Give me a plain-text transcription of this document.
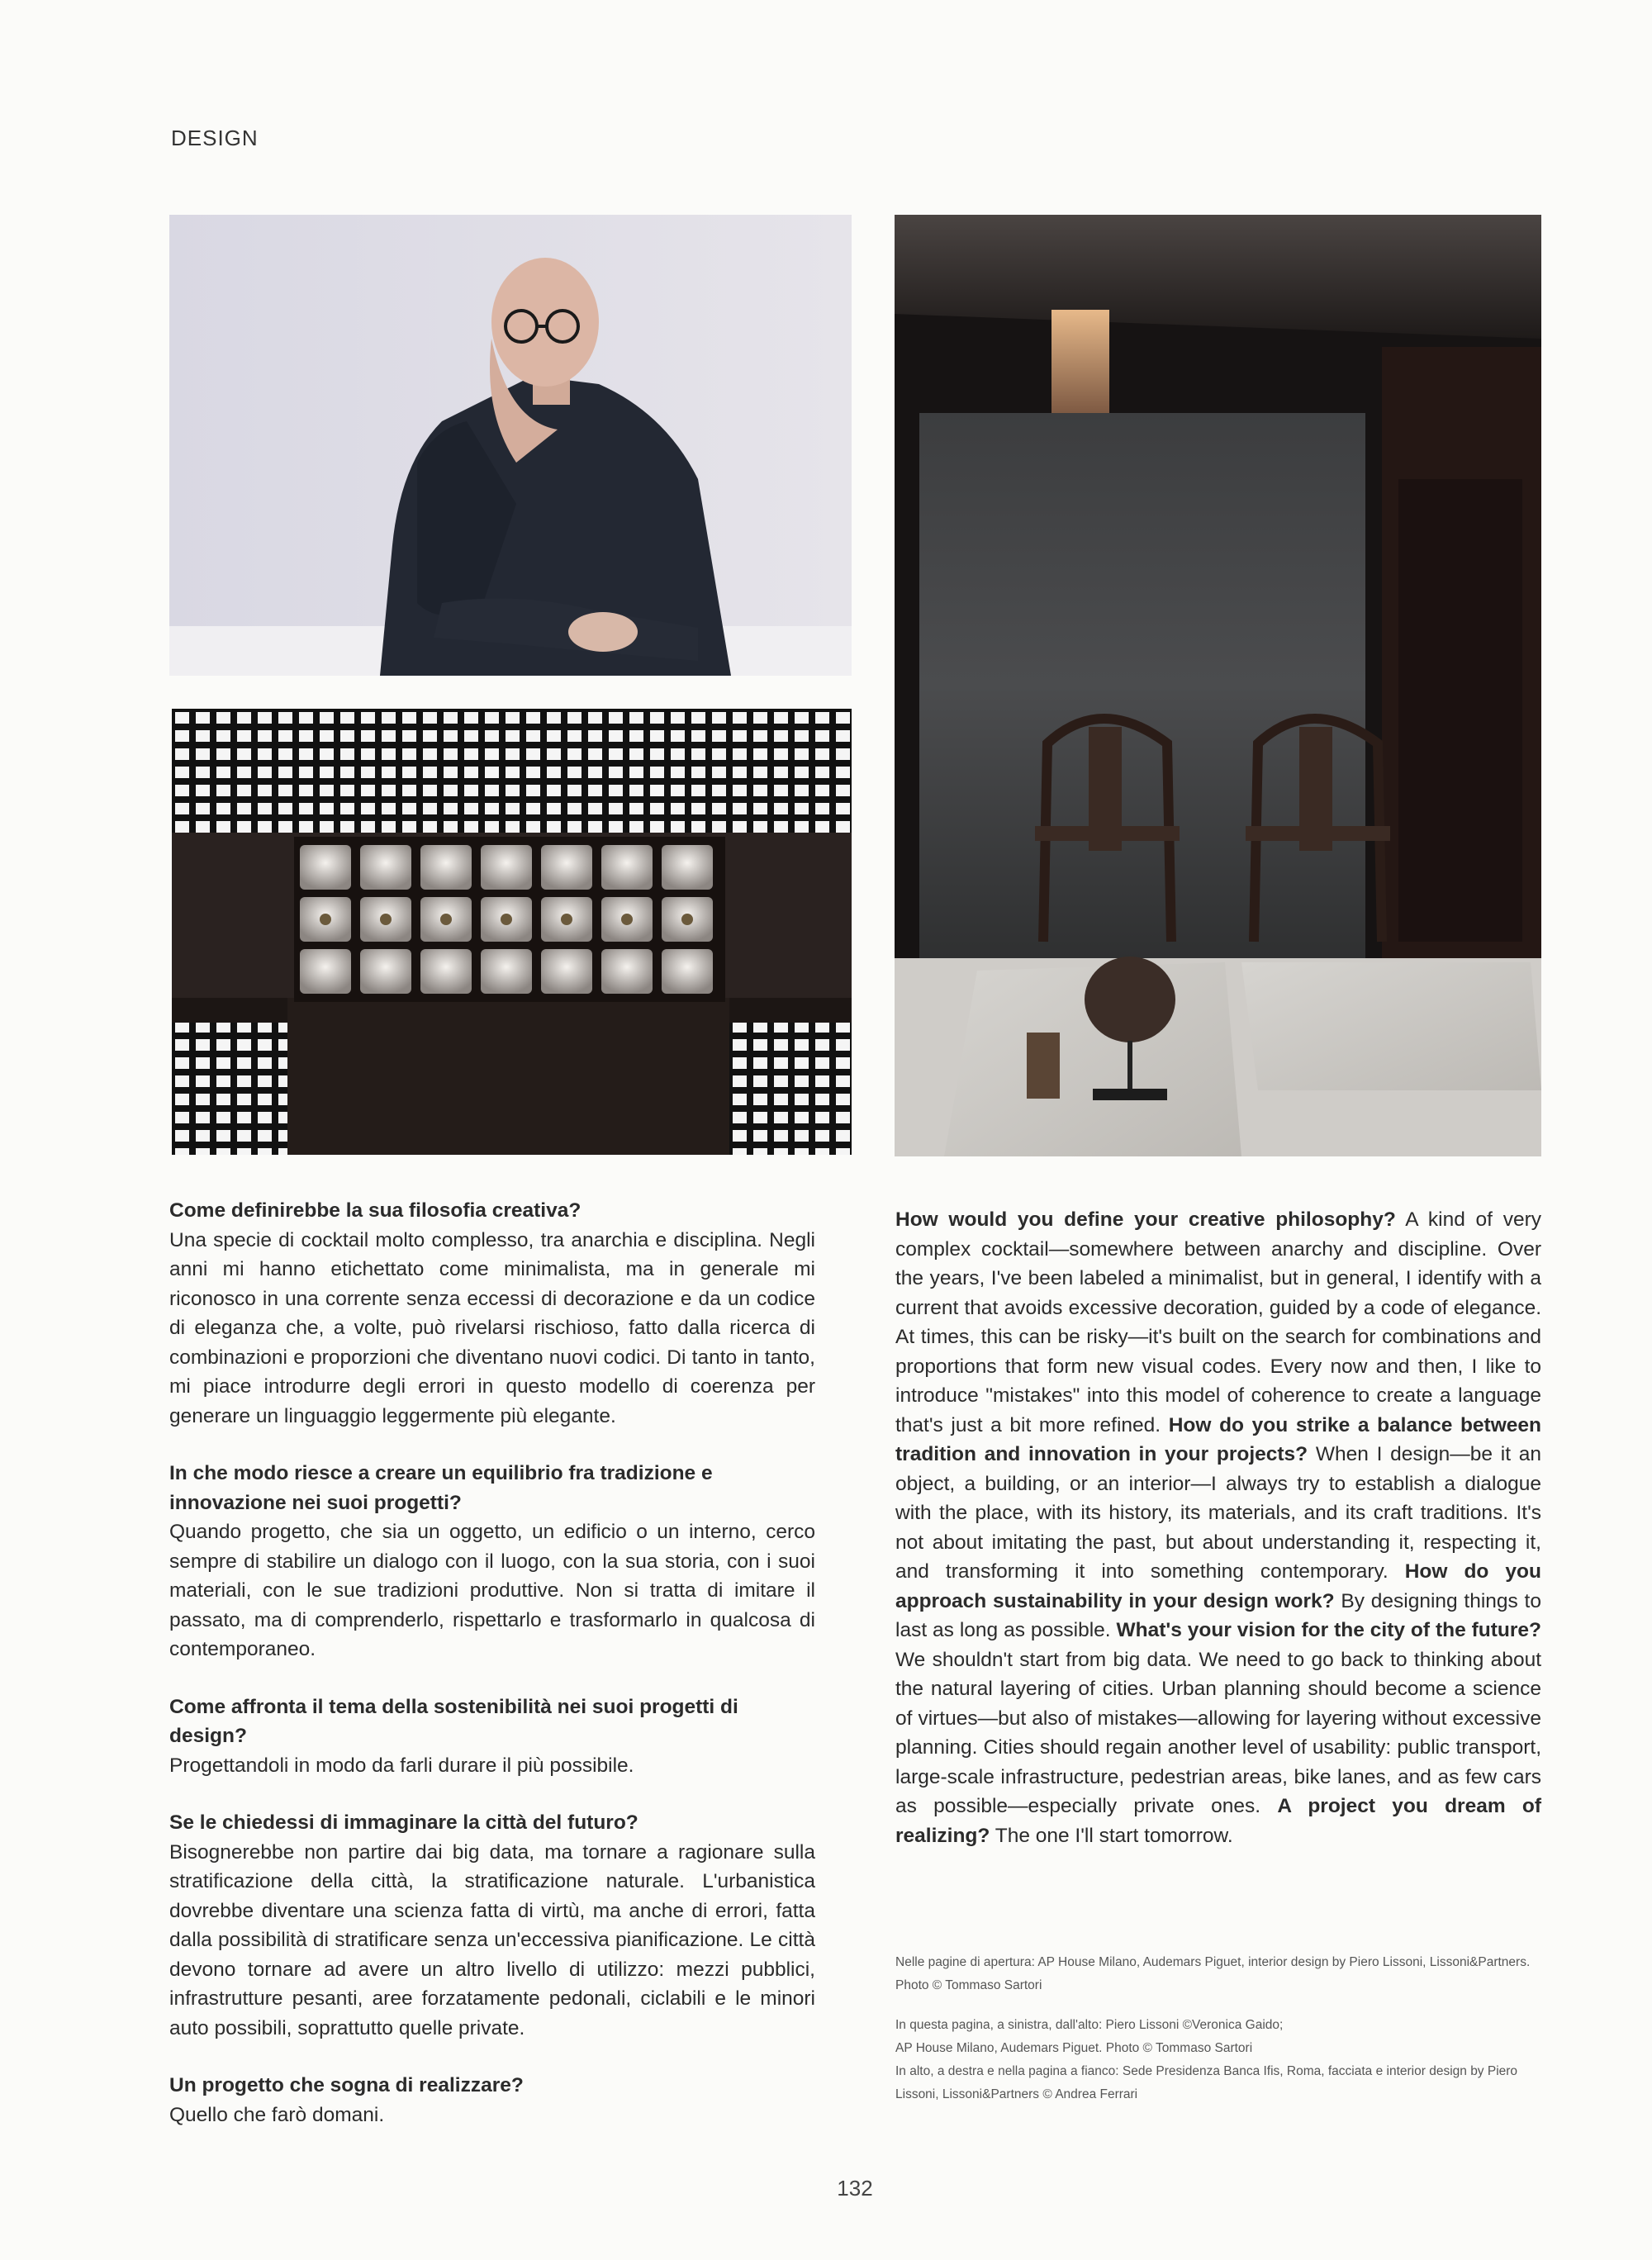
DESIGN

Come definirebbe la sua filosofia creativa?

Una specie di cocktail molto complesso, tra anarchia e disciplina. Negli anni mi hanno etichettato come minimalista, ma in generale mi riconosco in una corrente senza eccessi di decorazione e da un codice di eleganza che, a volte, può rivelarsi rischioso, fatto dalla ricerca di combinazioni e proporzioni che diventano nuovi codici. Di tanto in tanto, mi piace introdurre degli errori in questo modello di coerenza per generare un linguaggio leggermente più elegante.

In che modo riesce a creare un equilibrio fra tradizione e innovazione nei suoi progetti?

Quando progetto, che sia un oggetto, un edificio o un interno, cerco sempre di stabilire un dialogo con il luogo, con la sua storia, con i suoi materiali, con le sue tradizioni produttive. Non si tratta di imitare il passato, ma di comprenderlo, rispettarlo e trasformarlo in qualcosa di contemporaneo.

Come affronta il tema della sostenibilità nei suoi progetti di design?

Progettandoli in modo da farli durare il più possibile.

Se le chiedessi di immaginare la città del futuro?

Bisognerebbe non partire dai big data, ma tornare a ragionare sulla stratificazione della città, la stratificazione naturale. L'urbanistica dovrebbe diventare una scienza fatta di virtù, ma anche di errori, fatta dalla possibilità di stratificare senza un'eccessiva pianificazione. Le città devono tornare ad avere un altro livello di utilizzo: mezzi pubblici, infrastrutture pesanti, aree forzatamente pedonali, ciclabili e le minori auto possibili, soprattutto quelle private.

Un progetto che sogna di realizzare?

Quello che farò domani.

How would you define your creative philosophy? A kind of very complex cocktail—somewhere between anarchy and discipline. Over the years, I've been labeled a minimalist, but in general, I identify with a current that avoids excessive decoration, guided by a code of elegance. At times, this can be risky—it's built on the search for combinations and proportions that form new visual codes. Every now and then, I like to introduce "mistakes" into this model of coherence to create a language that's just a bit more refined. How do you strike a balance between tradition and innovation in your projects? When I design—be it an object, a building, or an interior—I always try to establish a dialogue with the place, with its history, its materials, and its craft traditions. It's not about imitating the past, but about understanding it, respecting it, and transforming it into something contemporary. How do you approach sustainability in your design work? By designing things to last as long as possible. What's your vision for the city of the future? We shouldn't start from big data. We need to go back to thinking about the natural layering of cities. Urban planning should become a science of virtues—but also of mistakes—allowing for layering without excessive planning. Cities should regain another level of usability: public transport, large-scale infrastructure, pedestrian areas, bike lanes, and as few cars as possible—especially private ones. A project you dream of realizing? The one I'll start tomorrow.

Nelle pagine di apertura: AP House Milano, Audemars Piguet, interior design by Piero Lissoni, Lissoni&Partners. Photo © Tommaso Sartori

In questa pagina, a sinistra, dall'alto: Piero Lissoni ©Veronica Gaido;
AP House Milano, Audemars Piguet. Photo © Tommaso Sartori
In alto, a destra e nella pagina a fianco: Sede Presidenza Banca Ifis, Roma, facciata e interior design by Piero Lissoni, Lissoni&Partners © Andrea Ferrari
132
